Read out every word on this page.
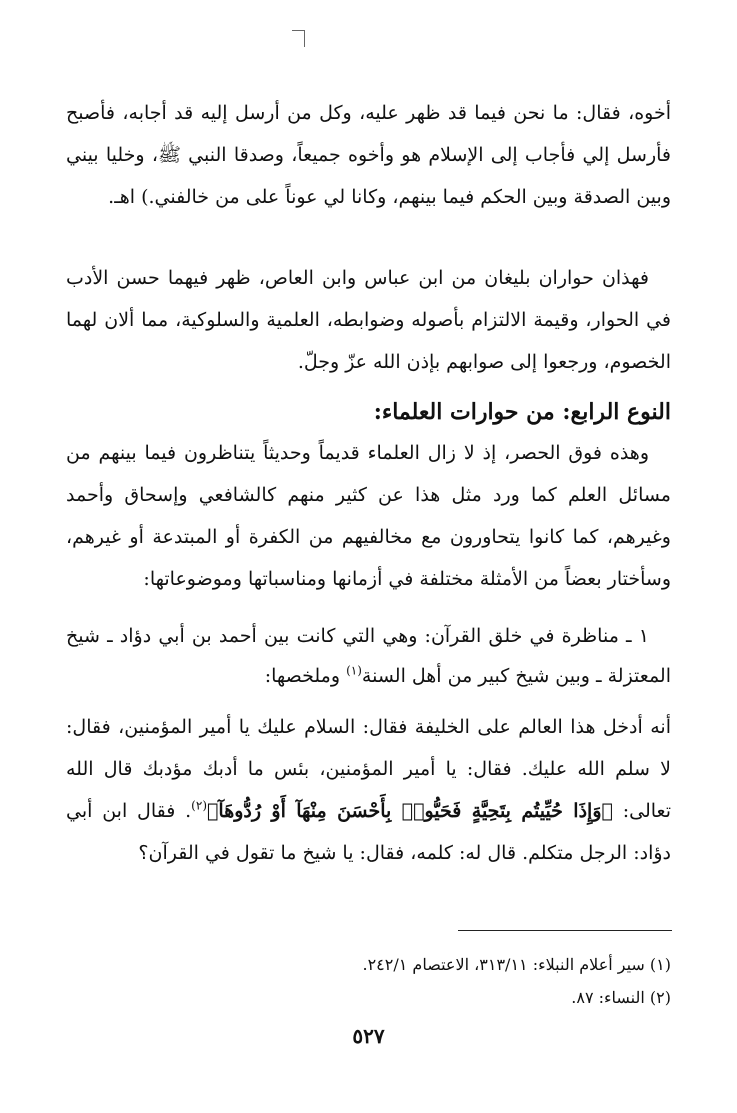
أخوه، فقال: ما نحن فيما قد ظهر عليه، وكل من أرسل إليه قد أجابه، فأصبح فأرسل إلي فأجاب إلى الإسلام هو وأخوه جميعاً، وصدقا النبي ﷺ، وخليا بيني وبين الصدقة وبين الحكم فيما بينهم، وكانا لي عوناً على من خالفني.) اهـ.

فهذان حواران بليغان من ابن عباس وابن العاص، ظهر فيهما حسن الأدب في الحوار، وقيمة الالتزام بأصوله وضوابطه، العلمية والسلوكية، مما ألان لهما الخصوم، ورجعوا إلى صوابهم بإذن الله عزّ وجلّ.

النوع الرابع: من حوارات العلماء:

وهذه فوق الحصر، إذ لا زال العلماء قديماً وحديثاً يتناظرون فيما بينهم من مسائل العلم كما ورد مثل هذا عن كثير منهم كالشافعي وإسحاق وأحمد وغيرهم، كما كانوا يتحاورون مع مخالفيهم من الكفرة أو المبتدعة أو غيرهم، وسأختار بعضاً من الأمثلة مختلفة في أزمانها ومناسباتها وموضوعاتها:

١ ـ مناظرة في خلق القرآن: وهي التي كانت بين أحمد بن أبي دؤاد ـ شيخ المعتزلة ـ وبين شيخ كبير من أهل السنة$^{(١)}$ وملخصها:

أنه أدخل هذا العالم على الخليفة فقال: السلام عليك يا أمير المؤمنين، فقال: لا سلم الله عليك. فقال: يا أمير المؤمنين، بئس ما أدبك مؤدبك قال الله تعالى: ﴿وَإِذَا حُيِّيتُم بِتَحِيَّةٍ فَحَيُّوا۟ بِأَحْسَنَ مِنْهَآ أَوْ رُدُّوهَآ﴾$^{(٢)}$. فقال ابن أبي دؤاد: الرجل متكلم. قال له: كلمه، فقال: يا شيخ ما تقول في القرآن؟

(١) سير أعلام النبلاء: ٣١٣/١١، الاعتصام ٢٤٢/١.
(٢) النساء: ٨٧.
٥٢٧
